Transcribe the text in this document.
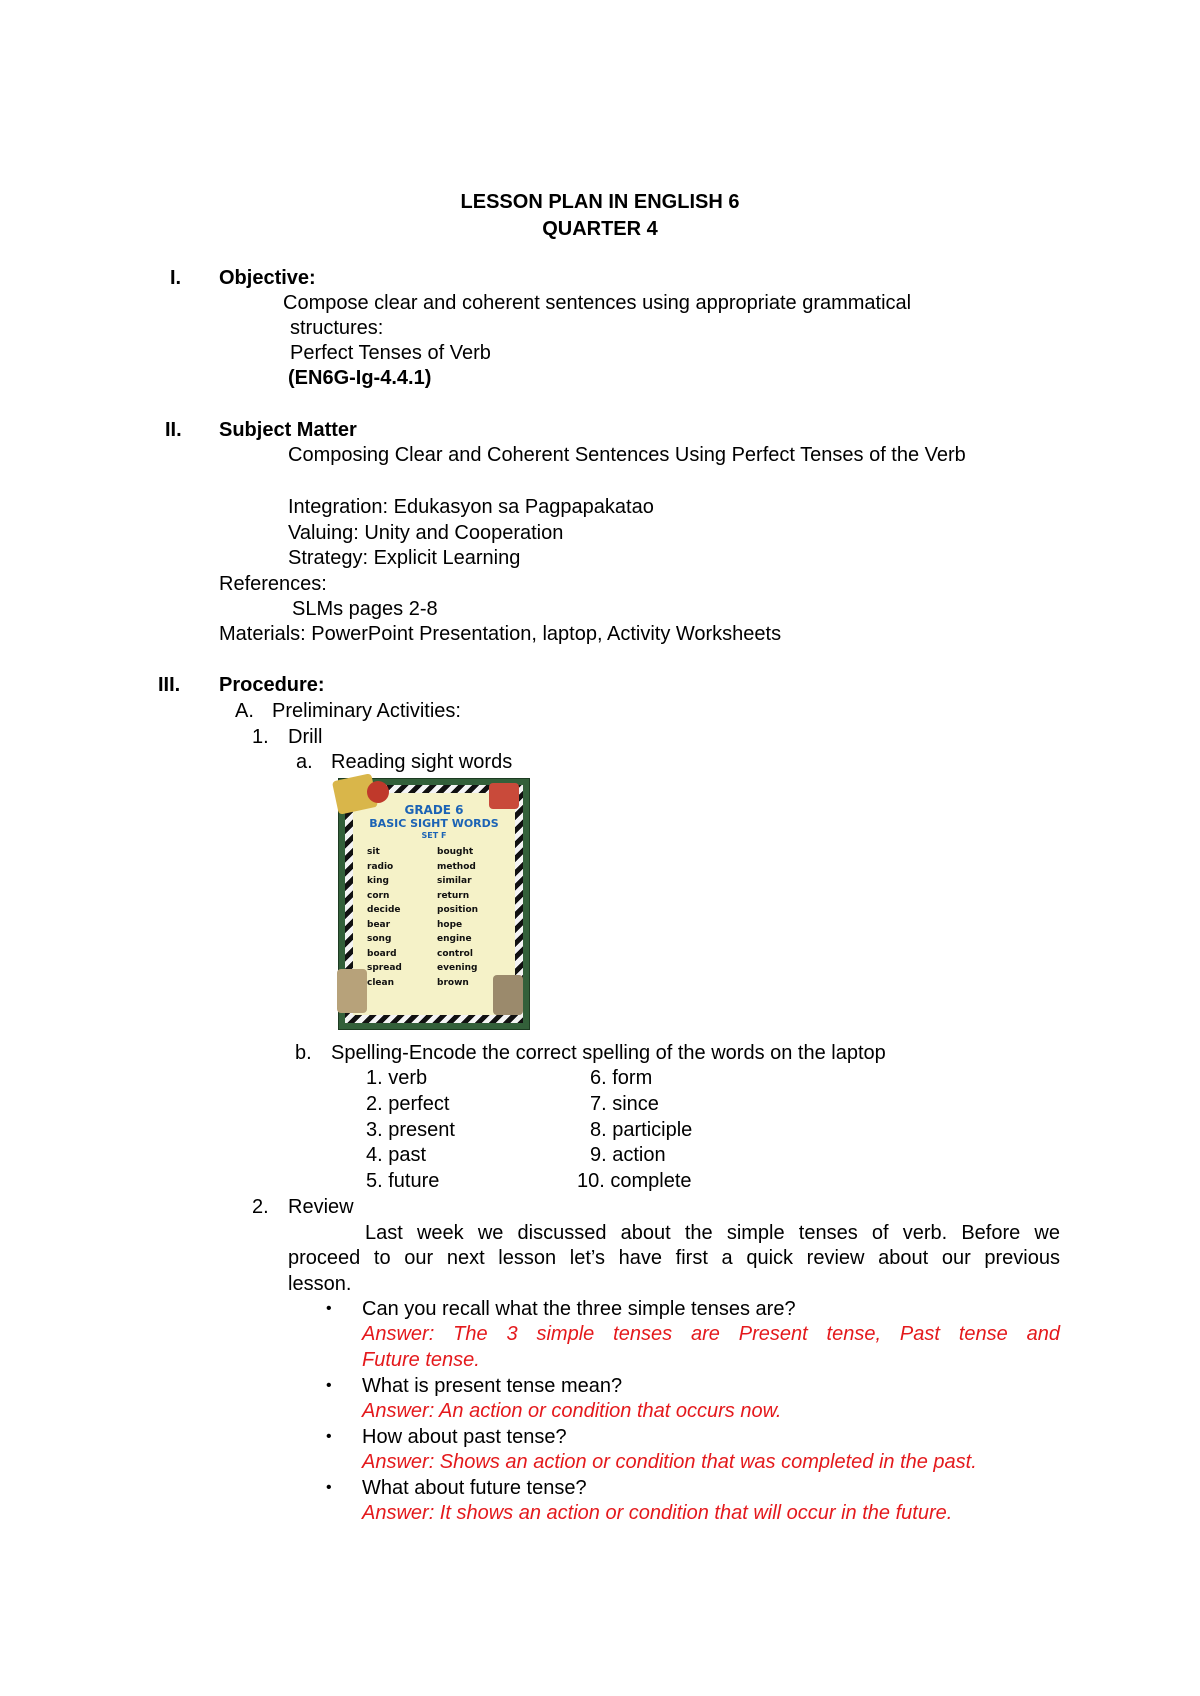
LESSON PLAN IN ENGLISH 6
QUARTER 4
I. Objective:
Compose clear and coherent sentences using appropriate grammatical
structures:
Perfect Tenses of Verb
(EN6G-Ig-4.4.1)
II. Subject Matter
Composing Clear and Coherent Sentences Using Perfect Tenses of the Verb
Integration: Edukasyon sa Pagpapakatao
Valuing: Unity and Cooperation
Strategy: Explicit Learning
References:
SLMs pages 2-8
Materials: PowerPoint Presentation, laptop, Activity Worksheets
III. Procedure:
A. Preliminary Activities:
1. Drill
a. Reading sight words
GRADE 6
BASIC SIGHT WORDS
SET F
sit
radio
king
corn
decide
bear
song
board
spread
clean
bought
method
similar
return
position
hope
engine
control
evening
brown
b. Spelling-Encode the correct spelling of the words on the laptop
1. verb
2. perfect
3. present
4. past
5. future
6. form
7. since
8. participle
9. action
10. complete
2. Review
Last week we discussed about the simple tenses of verb. Before we
proceed to our next lesson let’s have first a quick review about our previous
lesson.
• Can you recall what the three simple tenses are?
Answer: The 3 simple tenses are Present tense, Past tense and
Future tense.
• What is present tense mean?
Answer: An action or condition that occurs now.
• How about past tense?
Answer: Shows an action or condition that was completed in the past.
• What about future tense?
Answer: It shows an action or condition that will occur in the future.
